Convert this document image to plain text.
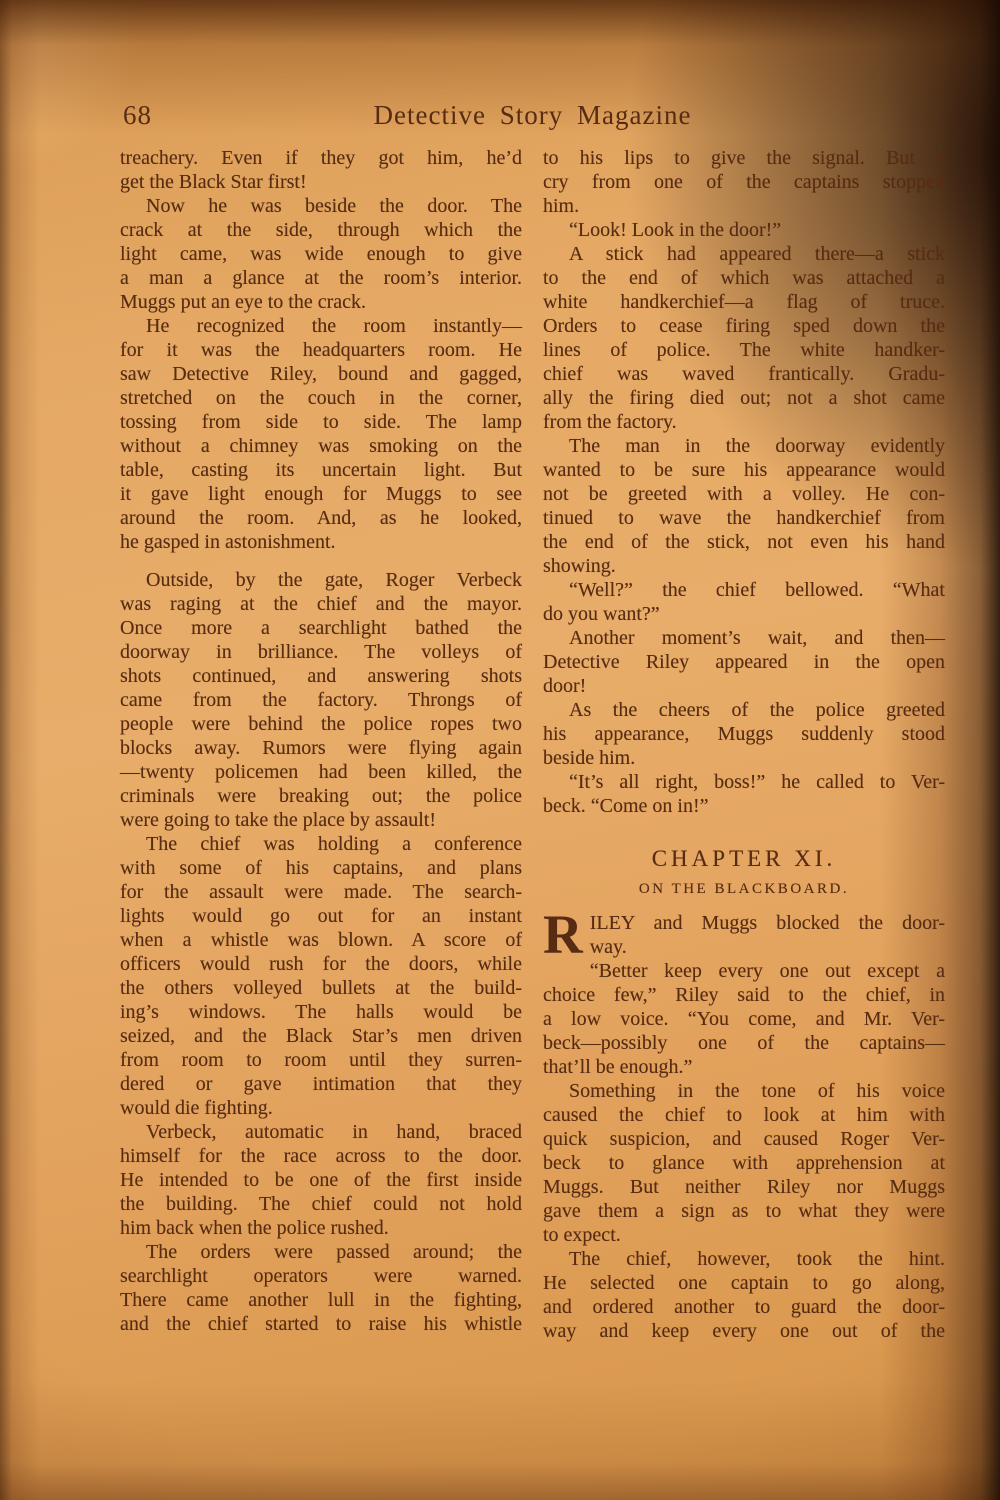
68	Detective Story Magazine
treachery. Even if they got him, he’d
get the Black Star first!
Now he was beside the door. The
crack at the side, through which the
light came, was wide enough to give
a man a glance at the room’s interior.
Muggs put an eye to the crack.
He recognized the room instantly—
for it was the headquarters room. He
saw Detective Riley, bound and gagged,
stretched on the couch in the corner,
tossing from side to side. The lamp
without a chimney was smoking on the
table, casting its uncertain light. But
it gave light enough for Muggs to see
around the room. And, as he looked,
he gasped in astonishment.
Outside, by the gate, Roger Verbeck
was raging at the chief and the mayor.
Once more a searchlight bathed the
doorway in brilliance. The volleys of
shots continued, and answering shots
came from the factory. Throngs of
people were behind the police ropes two
blocks away. Rumors were flying again
—twenty policemen had been killed, the
criminals were breaking out; the police
were going to take the place by assault!
The chief was holding a conference
with some of his captains, and plans
for the assault were made. The search-
lights would go out for an instant
when a whistle was blown. A score of
officers would rush for the doors, while
the others volleyed bullets at the build-
ing’s windows. The halls would be
seized, and the Black Star’s men driven
from room to room until they surren-
dered or gave intimation that they
would die fighting.
Verbeck, automatic in hand, braced
himself for the race across to the door.
He intended to be one of the first inside
the building. The chief could not hold
him back when the police rushed.
The orders were passed around; the
searchlight operators were warned.
There came another lull in the fighting,
and the chief started to raise his whistle
to his lips to give the signal. But a
cry from one of the captains stopped
him.
“Look! Look in the door!”
A stick had appeared there—a stick
to the end of which was attached a
white handkerchief—a flag of truce.
Orders to cease firing sped down the
lines of police. The white handker-
chief was waved frantically. Gradu-
ally the firing died out; not a shot came
from the factory.
The man in the doorway evidently
wanted to be sure his appearance would
not be greeted with a volley. He con-
tinued to wave the handkerchief from
the end of the stick, not even his hand
showing.
“Well?” the chief bellowed. “What
do you want?”
Another moment’s wait, and then—
Detective Riley appeared in the open
door!
As the cheers of the police greeted
his appearance, Muggs suddenly stood
beside him.
“It’s all right, boss!” he called to Ver-
beck. “Come on in!”
CHAPTER XI.
ON THE BLACKBOARD.
R ILEY and Muggs blocked the door-
way.
“Better keep every one out except a
choice few,” Riley said to the chief, in
a low voice. “You come, and Mr. Ver-
beck—possibly one of the captains—
that’ll be enough.”
Something in the tone of his voice
caused the chief to look at him with
quick suspicion, and caused Roger Ver-
beck to glance with apprehension at
Muggs. But neither Riley nor Muggs
gave them a sign as to what they were
to expect.
The chief, however, took the hint.
He selected one captain to go along,
and ordered another to guard the door-
way and keep every one out of the
